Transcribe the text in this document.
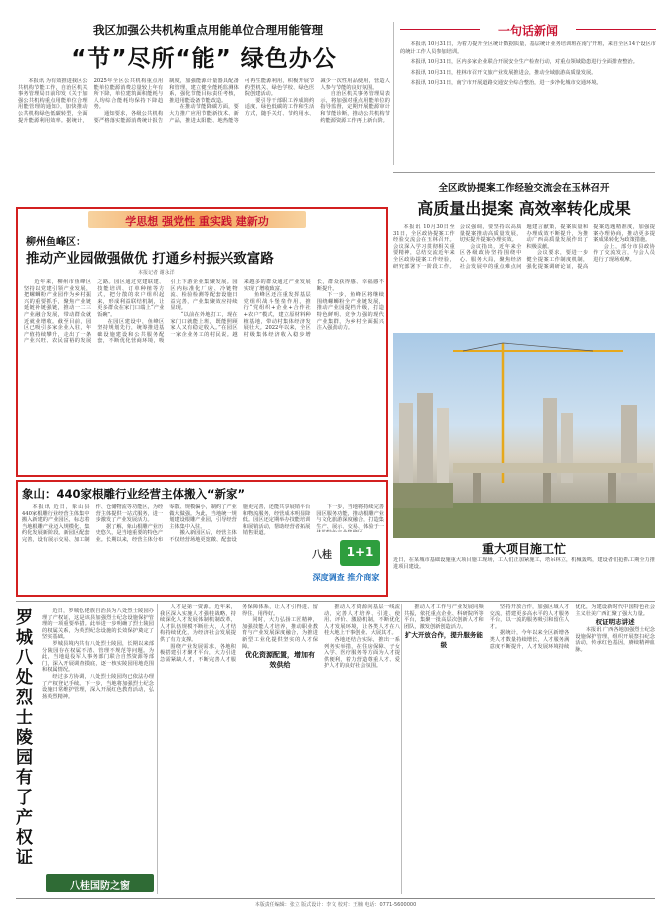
我区加强公共机构重点用能单位合理用能管理
“节”尽所“能” 绿色办公

本报讯 为有效推进我区公共机构节能工作，自治区机关事务管理局日前印发《关于加强公共机构重点用能单位合理用能管理的通知》，加快推动公共机构绿色低碳转型，全面提升能源利用效率。据统计，2025年全区公共机构重点用能单位能源消费总量较上年有所下降，单位建筑面积能耗与人均综合能耗均保持下降趋势。

通知要求，各级公共机构要严格落实能源消费统计报告制度，加强能源计量器具配备和管理，建立健全能耗监测体系，强化节能目标责任考核，推进用能设备节能改造。

在推动节能降碳方面，要大力推广应用节能新技术、新产品，推进太阳能、地热能等可再生能源利用，积极开展节约型机关、绿色学校、绿色医院创建活动。

要引导干部职工养成简约适度、绿色低碳的工作和生活方式，随手关灯、节约用水、减少一次性用品使用，营造人人参与节能的良好氛围。

自治区机关事务管理局表示，将加强对重点用能单位的指导监督，定期开展能源审计和节能诊断，推动公共机构节约能源资源工作再上新台阶。

一句话新闻

本报讯 10月31日，为着力提升全区统计数据质量，基层统计业务培训班在南宁开班，来自全区14个设区市的统计工作人员参加培训。

本报讯 10月31日，区内多家企业联合开展安全生产检查行动，对重点领域隐患进行全面排查整治。

本报讯 10月31日，桂林市召开文旅产业发展推进会，推动全域旅游高质量发展。

本报讯 10月31日，南宁市开展道路交通安全综合整治，进一步净化城市交通环境。

学思想 强党性 重实践 建新功
柳州鱼峰区：
推动产业园做强做优 打通乡村振兴致富路
本报记者 谢永洋

近年来，柳州市鱼峰区坚持以党建引领产业发展，把螺蛳粉产业园作为乡村振兴的重要抓手，聚焦产业链延链补链强链，推动一二三产业融合发展，带动群众就近就业增收。截至目前，园区已吸引多家企业入驻，年产值持续攀升，走出了一条产业兴旺、农民富裕的发展之路。园区通过党建联建、技能培训、订单种植等方式，把分散的农户组织起来，形成利益联结机制，让更多群众在家门口端上“产业饭碗”。

在园区建设中，鱼峰区坚持规划先行，统筹推进基础设施建设和公共服务配套，不断优化营商环境，吸引上下游企业集聚发展。园区内标准化厂房、冷链物流、检验检测等配套设施日益完善，产业集聚效应持续显现。

“以前在外地打工，现在家门口就能上班，既能照顾家人又有稳定收入。”在园区一家企业务工的村民说。越来越多的群众通过产业发展实现了增收致富。

鱼峰区还注重发挥基层党组织战斗堡垒作用，推行“党组织+企业+合作社+农户”模式，建立原材料种植基地，带动村集体经济发展壮大。2022年以来，全区村级集体经济收入稳步增长，群众获得感、幸福感不断提升。

下一步，鱼峰区将继续围绕螺蛳粉全产业链发展，推动产业园提档升级，打造特色鲜明、竞争力强的现代产业集群，为乡村全面振兴注入强劲动力。

象山：440家根雕行业经营主体搬入“新家”

本报讯 近日，象山县440家根雕行业经营主体集中搬入新建的产业园区，标志着当地根雕产业迈入规模化、集约化发展新阶段。新园区配套完善，设有展示交易、加工制作、仓储物流等功能区，为经营主体提供一站式服务，进一步激发了产业发展活力。

据了解，象山根雕产业历史悠久，是当地重要的特色产业。长期以来，经营主体分布零散、规模偏小，制约了产业做大做强。为此，当地统一规划建设根雕产业园，引导经营主体集中入驻。

搬入新园区后，经营主体不仅经营场地更宽敞、配套设施更完善，还能共享展销平台和物流服务，经营成本明显降低。园区还定期举办技能培训和展销活动，帮助经营者拓展销售渠道。

下一步，当地将持续完善园区服务功能，推动根雕产业与文化旅游深度融合，打造集生产、展示、交易、体验于一

八桂	1+1
深度调查 推介商家
全区政协提案工作经验交流会在玉林召开
高质量出提案 高效率转化成果

本报讯 10月30日至31日，全区政协提案工作经验交流会在玉林召开。会议深入学习贯彻相关重要精神，总结交流近年来全区政协提案工作经验，研究部署下一阶段工作。会议强调，要坚持以高质量提案推动高质量发展，切实提升提案办理实效。

会议指出，近年来全区各级政协坚持围绕中心、服务大局，聚焦经济社会发展中的重点难点问题建言献策，提案质量和办理成效不断提升，为推动广西高质量发展作出了积极贡献。

会议要求，要进一步健全提案工作制度机制，强化提案调研论证，提高提案选题精准度，加强提案办理协商，推动更多提案成果转化为政策措施。

会上，部分市县政协作了交流发言，与会人员进行了现场观摩。

重大项目施工忙
近日，在某城市基础设施重大项目施工现场，工人们正加紧施工，塔吊林立，机械轰鸣，建设者们抢抓工期全力推进项目建设。
罗城八处烈士陵园有了产权证

近日，罗城仫佬族自治县为八处烈士陵园办理了产权证，这是该县加强烈士纪念设施保护管理的一项重要举措。此举进一步明确了烈士陵园的权属关系，为英烈纪念设施的长效保护奠定了坚实基础。

罗城县境内共有八处烈士陵园，长期以来部分陵园存在权属不清、管理不规范等问题。为此，当地退役军人事务部门联合自然资源等部门，深入开展调查摸底，逐一核实陵园用地范围和权属情况。

经过多方协调，八处烈士陵园均已依法办理了产权登记手续。下一步，当地将加强烈士纪念设施日常维护管理，深入开展红色教育活动，弘扬英烈精神。

八桂国防之窗

人才是第一资源。近年来，我区深入实施人才强桂战略，持续深化人才发展体制机制改革，人才队伍规模不断壮大，人才结构持续优化，为经济社会发展提供了有力支撑。

围绕产业发展需求，各地积极搭建引才聚才平台，大力引进急需紧缺人才，不断完善人才服务保障体系，让人才引得进、留得住、用得好。

同时，大力弘扬工匠精神，加强技能人才培养，推动职业教育与产业发展深度融合，为推进新型工业化提供坚实的人才保障。

优化资源配置，增加有效供给

推动人才资源向基层一线流动，完善人才培养、引进、使用、评价、激励机制，不断优化人才发展环境，让各类人才在八桂大地上干事创业、大展其才。

各地还结合实际，推出一系列务实举措，在住房保障、子女入学、医疗服务等方面为人才提供便利，着力营造尊重人才、爱护人才的良好社会氛围。

推动人才工作与产业发展同频共振，依托重点企业、科研院所等平台，集聚一批高层次创新人才和团队，激发创新创造活力。

扩大开放合作，提升服务能级

坚持开放合作，加强区域人才交流，搭建更多高水平的人才服务平台，以一流的服务吸引和留住人才。

据统计，今年以来全区新增各类人才数量持续增长，人才服务满意度不断提升，人才发展环境持续优化，为建设新时代中国特色社会主义壮美广西汇聚了强大力量。

权证明志讲述

本报讯 广西各地加强烈士纪念设施保护管理，组织开展祭扫纪念活动，传承红色基因，赓续精神血脉。

本版责任编辑：张立 版式设计：李文 校对：王楠 电话：0771-5600000
